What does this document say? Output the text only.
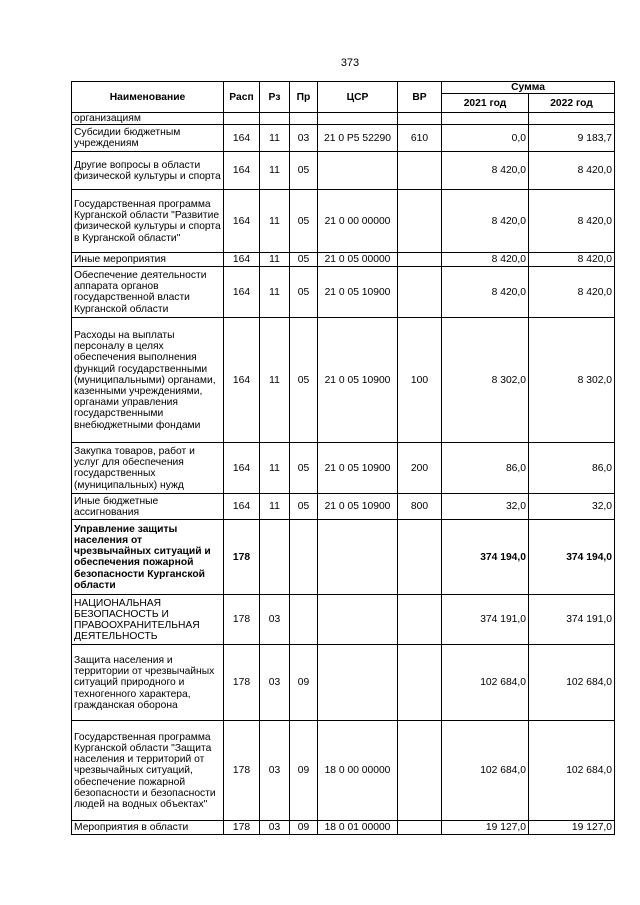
373
Наименование	Расп	Рз	Пр	ЦСР	ВР	Сумма	
						2021 год	2022 год
организациям							
Субсидии бюджетным учреждениям	164	11	03	21 0 Р5 52290	610	0,0	9 183,7
Другие вопросы в области физической культуры и спорта	164	11	05			8 420,0	8 420,0
Государственная программа Курганской области "Развитие физической культуры и спорта в Курганской области"	164	11	05	21 0 00 00000		8 420,0	8 420,0
Иные мероприятия	164	11	05	21 0 05 00000		8 420,0	8 420,0
Обеспечение деятельности аппарата органов государственной власти Курганской области	164	11	05	21 0 05 10900		8 420,0	8 420,0
Расходы на выплаты персоналу в целях обеспечения выполнения функций государственными (муниципальными) органами, казенными учреждениями, органами управления государственными внебюджетными фондами	164	11	05	21 0 05 10900	100	8 302,0	8 302,0
Закупка товаров, работ и услуг для обеспечения государственных (муниципальных) нужд	164	11	05	21 0 05 10900	200	86,0	86,0
Иные бюджетные ассигнования	164	11	05	21 0 05 10900	800	32,0	32,0
Управление защиты населения от чрезвычайных ситуаций и обеспечения пожарной безопасности Курганской области	178					374 194,0	374 194,0
НАЦИОНАЛЬНАЯ БЕЗОПАСНОСТЬ И ПРАВООХРАНИТЕЛЬНАЯ ДЕЯТЕЛЬНОСТЬ	178	03				374 191,0	374 191,0
Защита населения и территории от чрезвычайных ситуаций природного и техногенного характера, гражданская оборона	178	03	09			102 684,0	102 684,0
Государственная программа Курганской области "Защита населения и территорий от чрезвычайных ситуаций, обеспечение пожарной безопасности и безопасности людей на водных объектах"	178	03	09	18 0 00 00000		102 684,0	102 684,0
Мероприятия в области	178	03	09	18 0 01 00000		19 127,0	19 127,0
